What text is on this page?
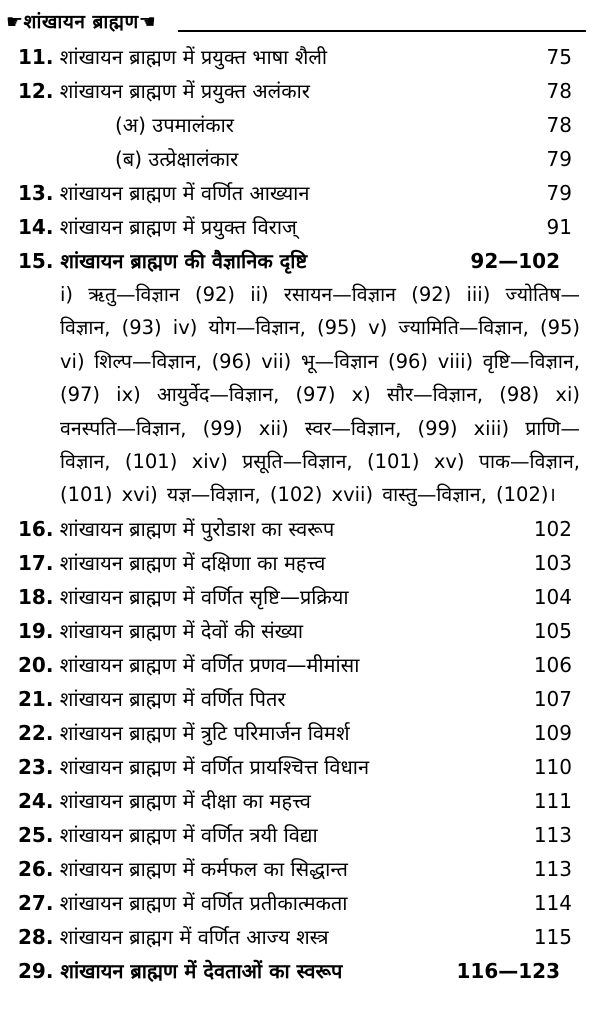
☛शांखायन ब्राह्मण☚
11. शांखायन ब्राह्मण में प्रयुक्त भाषा शैली	75
12. शांखायन ब्राह्मण में प्रयुक्त अलंकार	78
(अ) उपमालंकार	78
(ब) उत्प्रेक्षालंकार	79
13. शांखायन ब्राह्मण में वर्णित आख्यान	79
14. शांखायन ब्राह्मण में प्रयुक्त विराज्	91
15. शांखायन ब्राह्मण की वैज्ञानिक दृष्टि	92—102
i) ऋतु—विज्ञान (92) ii) रसायन—विज्ञान (92) iii) ज्योतिष—विज्ञान, (93) iv) योग—विज्ञान, (95) v) ज्यामिति—विज्ञान, (95) vi) शिल्प—विज्ञान, (96) vii) भू—विज्ञान (96) viii) वृष्टि—विज्ञान, (97) ix) आयुर्वेद—विज्ञान, (97) x) सौर—विज्ञान, (98) xi) वनस्पति—विज्ञान, (99) xii) स्वर—विज्ञान, (99) xiii) प्राणि—विज्ञान, (101) xiv) प्रसूति—विज्ञान, (101) xv) पाक—विज्ञान, (101) xvi) यज्ञ—विज्ञान, (102) xvii) वास्तु—विज्ञान, (102)।
16. शांखायन ब्राह्मण में पुरोडाश का स्वरूप	102
17. शांखायन ब्राह्मण में दक्षिणा का महत्त्व	103
18. शांखायन ब्राह्मण में वर्णित सृष्टि—प्रक्रिया	104
19. शांखायन ब्राह्मण में देवों की संख्या	105
20. शांखायन ब्राह्मण में वर्णित प्रणव—मीमांसा	106
21. शांखायन ब्राह्मण में वर्णित पितर	107
22. शांखायन ब्राह्मण में त्रुटि परिमार्जन विमर्श	109
23. शांखायन ब्राह्मण में वर्णित प्रायश्चित्त विधान	110
24. शांखायन ब्राह्मण में दीक्षा का महत्त्व	111
25. शांखायन ब्राह्मण में वर्णित त्रयी विद्या	113
26. शांखायन ब्राह्मण में कर्मफल का सिद्धान्त	113
27. शांखायन ब्राह्मण में वर्णित प्रतीकात्मकता	114
28. शांखायन ब्राह्मग में वर्णित आज्य शस्त्र	115
29. शांखायन ब्राह्मण में देवताओं का स्वरूप	116—123
